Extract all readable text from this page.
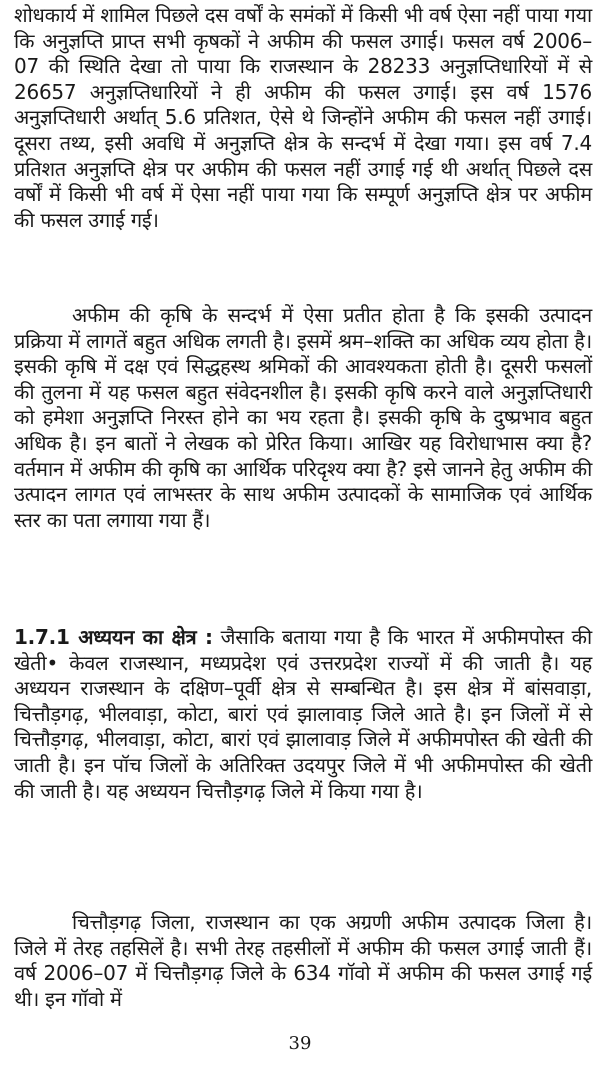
शोधकार्य में शामिल पिछले दस वर्षों के समंकों में किसी भी वर्ष ऐसा नहीं पाया गया कि अनुज्ञप्ति प्राप्त सभी कृषकों ने अफीम की फसल उगाई। फसल वर्ष 2006–07 की स्थिति देखा तो पाया कि राजस्थान के 28233 अनुज्ञप्तिधारियों में से 26657 अनुज्ञप्तिधारियों ने ही अफीम की फसल उगाई। इस वर्ष 1576 अनुज्ञप्तिधारी अर्थात् 5.6 प्रतिशत, ऐसे थे जिन्होंने अफीम की फसल नहीं उगाई। दूसरा तथ्य, इसी अवधि में अनुज्ञप्ति क्षेत्र के सन्दर्भ में देखा गया। इस वर्ष 7.4 प्रतिशत अनुज्ञप्ति क्षेत्र पर अफीम की फसल नहीं उगाई गई थी अर्थात् पिछले दस वर्षों में किसी भी वर्ष में ऐसा नहीं पाया गया कि सम्पूर्ण अनुज्ञप्ति क्षेत्र पर अफीम की फसल उगाई गई।

अफीम की कृषि के सन्दर्भ में ऐसा प्रतीत होता है कि इसकी उत्पादन प्रक्रिया में लागतें बहुत अधिक लगती है। इसमें श्रम–शक्ति का अधिक व्यय होता है। इसकी कृषि में दक्ष एवं सिद्धहस्थ श्रमिकों की आवश्यकता होती है। दूसरी फसलों की तुलना में यह फसल बहुत संवेदनशील है। इसकी कृषि करने वाले अनुज्ञप्तिधारी को हमेशा अनुज्ञप्ति निरस्त होने का भय रहता है। इसकी कृषि के दुष्प्रभाव बहुत अधिक है। इन बातों ने लेखक को प्रेरित किया। आखिर यह विरोधाभास क्या है? वर्तमान में अफीम की कृषि का आर्थिक परिदृश्य क्या है? इसे जानने हेतु अफीम की उत्पादन लागत एवं लाभस्तर के साथ अफीम उत्पादकों के सामाजिक एवं आर्थिक स्तर का पता लगाया गया हैं।

1.7.1 अध्ययन का क्षेत्र : जैसाकि बताया गया है कि भारत में अफीमपोस्त की खेती• केवल राजस्थान, मध्यप्रदेश एवं उत्तरप्रदेश राज्यों में की जाती है। यह अध्ययन राजस्थान के दक्षिण–पूर्वी क्षेत्र से सम्बन्धित है। इस क्षेत्र में बांसवाड़ा, चित्तौड़गढ़, भीलवाड़ा, कोटा, बारां एवं झालावाड़ जिले आते है। इन जिलों में से चित्तौड़गढ़, भीलवाड़ा, कोटा, बारां एवं झालावाड़ जिले में अफीमपोस्त की खेती की जाती है। इन पॉच जिलों के अतिरिक्त उदयपुर जिले में भी अफीमपोस्त की खेती की जाती है। यह अध्ययन चित्तौड़गढ़ जिले में किया गया है।

चित्तौड़गढ़ जिला, राजस्थान का एक अग्रणी अफीम उत्पादक जिला है। जिले में तेरह तहसिलें है। सभी तेरह तहसीलों में अफीम की फसल उगाई जाती हैं। वर्ष 2006–07 में चित्तौड़गढ़ जिले के 634 गॉवो में अफीम की फसल उगाई गई थी। इन गॉवो में

39
